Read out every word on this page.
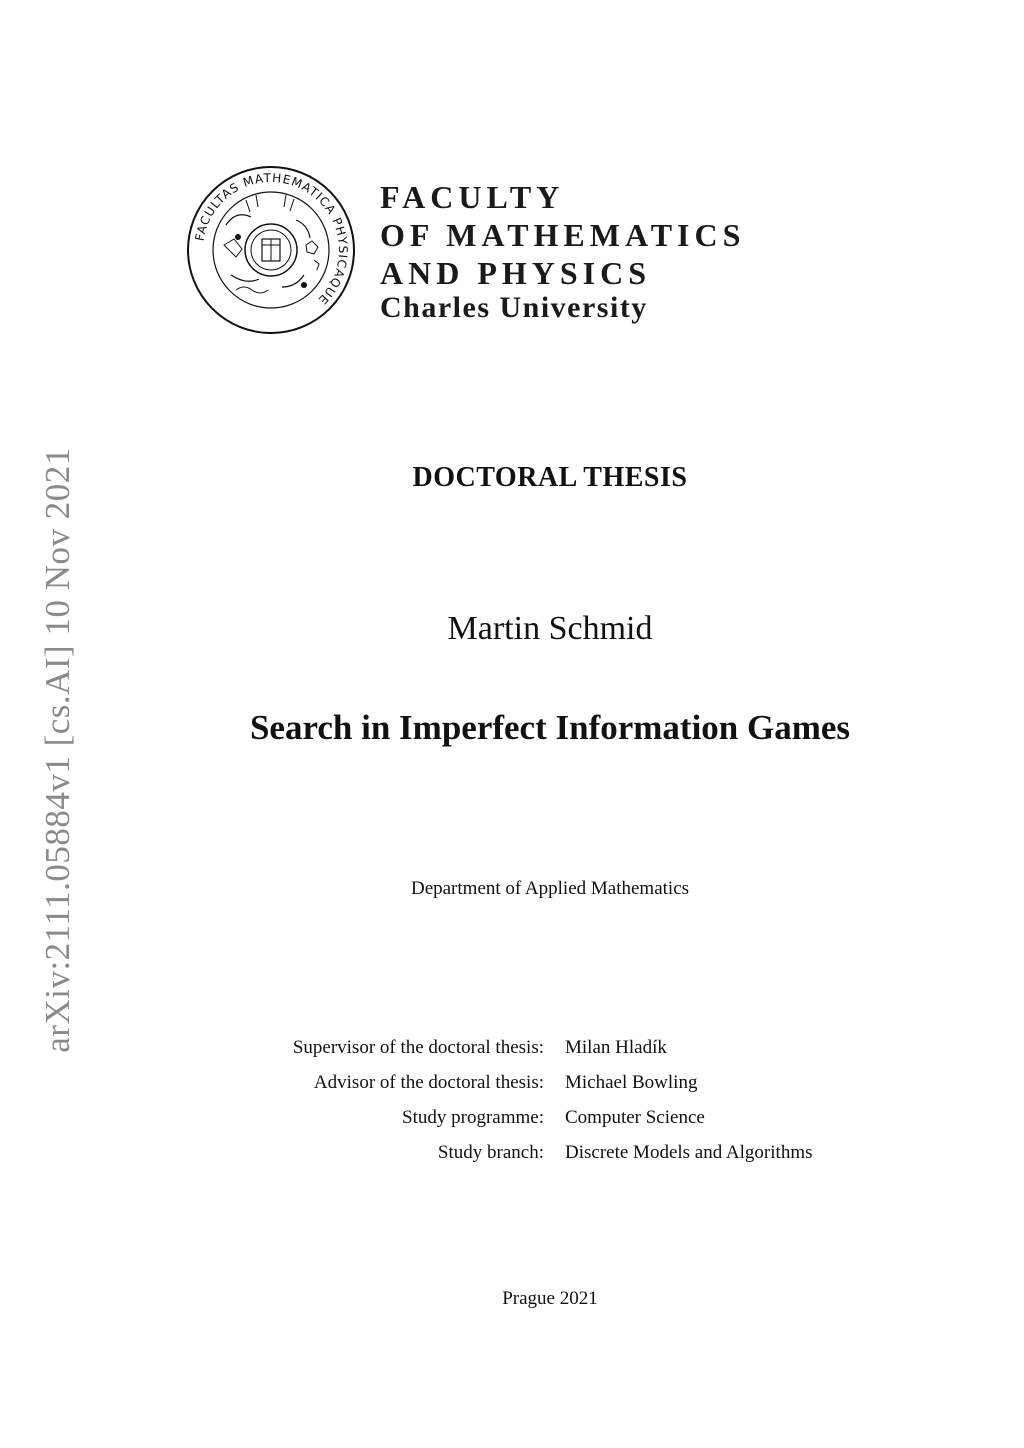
arXiv:2111.05884v1 [cs.AI] 10 Nov 2021
FACULTAS MATHEMATICA PHYSICAQUE
FACULTY
OF MATHEMATICS
AND PHYSICS
Charles University
DOCTORAL THESIS
Martin Schmid
Search in Imperfect Information Games
Department of Applied Mathematics
Supervisor of the doctoral thesis:	Milan Hladík
Advisor of the doctoral thesis:	Michael Bowling
Study programme:	Computer Science
Study branch:	Discrete Models and Algorithms
Prague 2021
